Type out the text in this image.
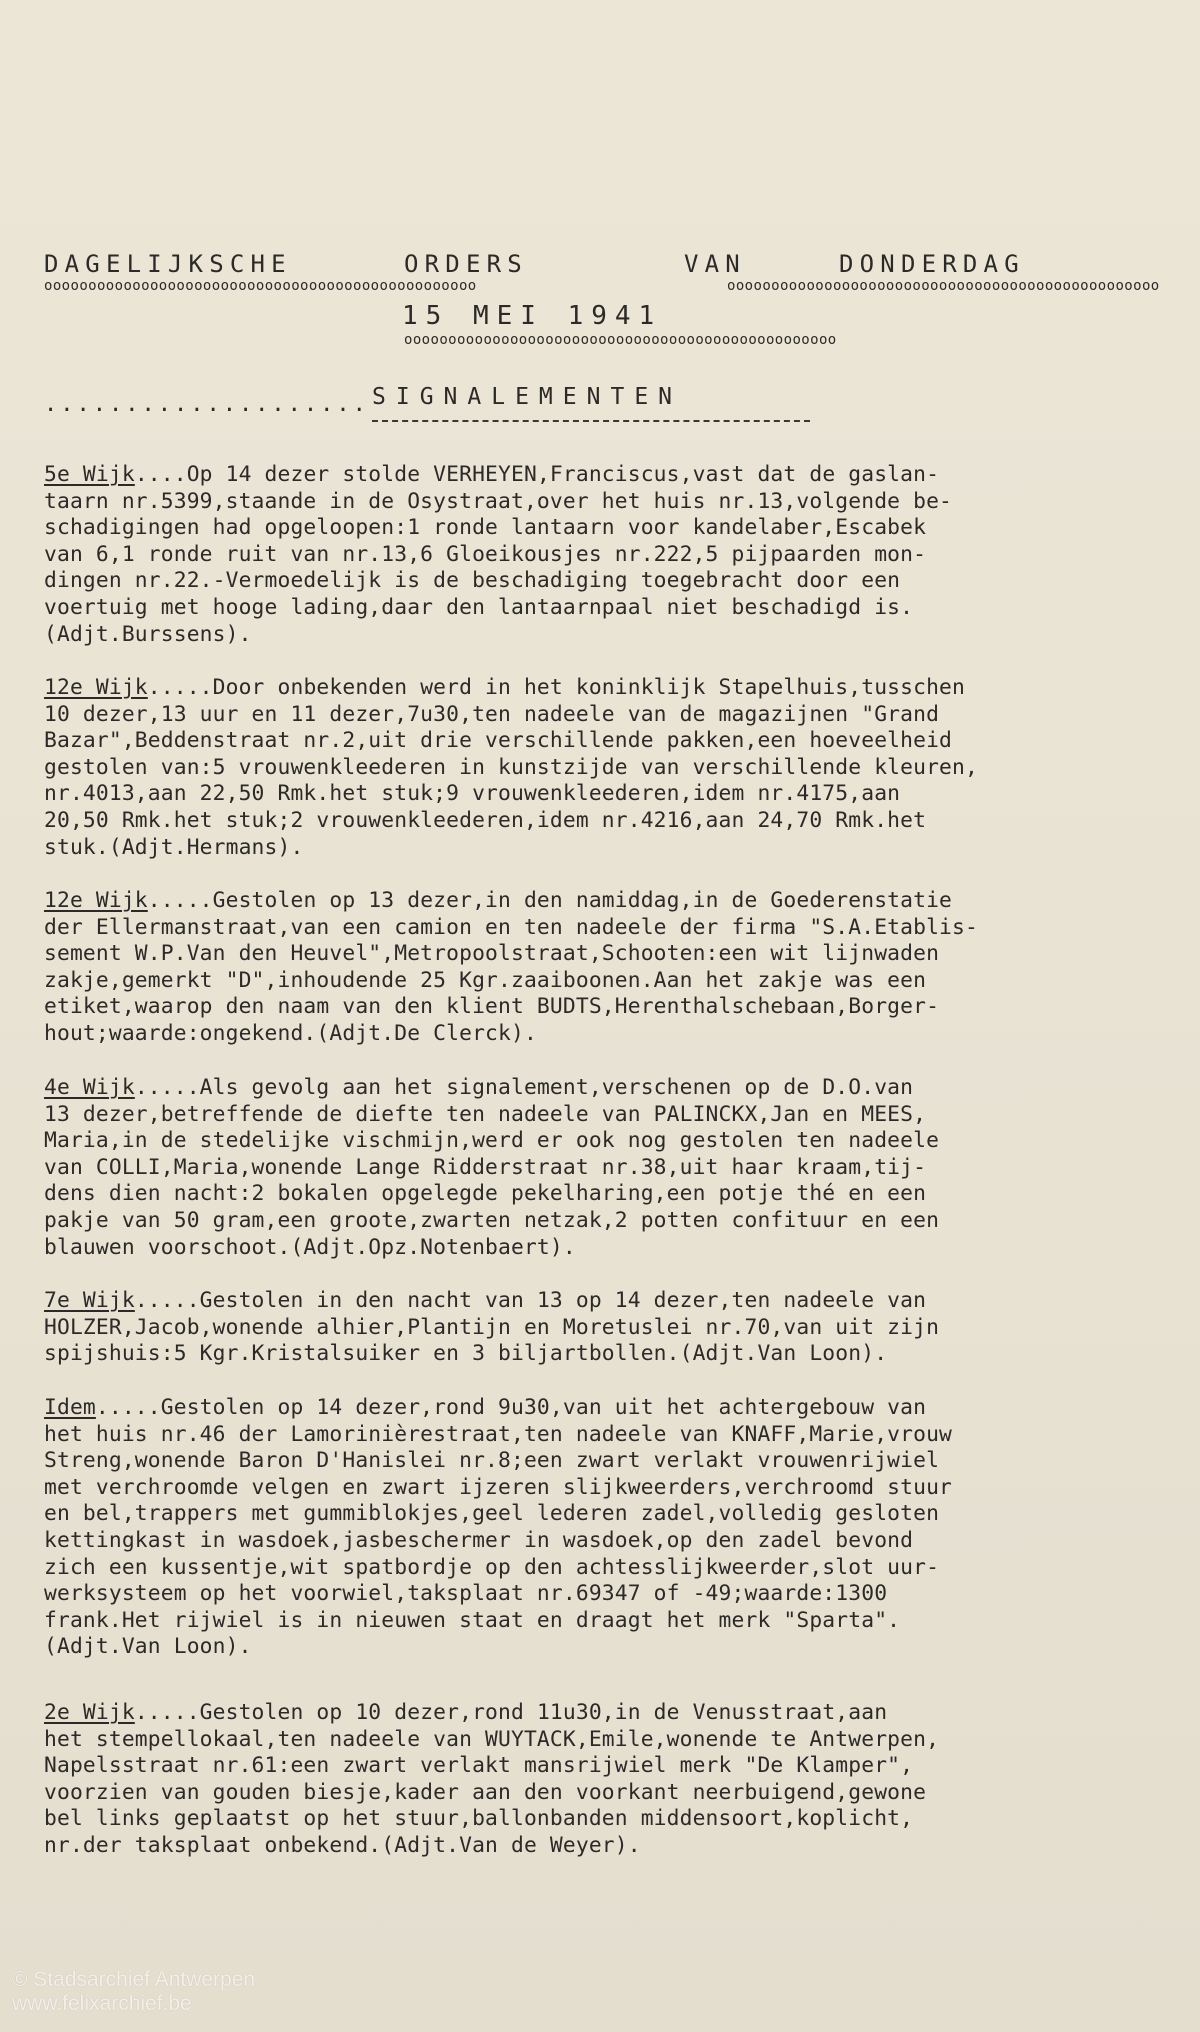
DAGELIJKSCHE	ORDERS	VAN	DONDERDAG
ooooooooooooooooooooooooooooooooooooooooooooooooo	ooooooooooooooooooooooooooooooooooooooooooooooooo
15 MEI 1941
ooooooooooooooooooooooooooooooooooooooooooooooooo
.................... SIGNALEMENTEN

5e Wijk....Op 14 dezer stolde VERHEYEN,Franciscus,vast dat de gaslan-

taarn nr.5399,staande in de Osystraat,over het huis nr.13,volgende be-

schadigingen had opgeloopen:1 ronde lantaarn voor kandelaber,Escabek

van 6,1 ronde ruit van nr.13,6 Gloeikousjes nr.222,5 pijpaarden mon-

dingen nr.22.-Vermoedelijk is de beschadiging toegebracht door een

voertuig met hooge lading,daar den lantaarnpaal niet beschadigd is.

(Adjt.Burssens).

12e Wijk.....Door onbekenden werd in het koninklijk Stapelhuis,tusschen

10 dezer,13 uur en 11 dezer,7u30,ten nadeele van de magazijnen "Grand

Bazar",Beddenstraat nr.2,uit drie verschillende pakken,een hoeveelheid

gestolen van:5 vrouwenkleederen in kunstzijde van verschillende kleuren,

nr.4013,aan 22,50 Rmk.het stuk;9 vrouwenkleederen,idem nr.4175,aan

20,50 Rmk.het stuk;2 vrouwenkleederen,idem nr.4216,aan 24,70 Rmk.het

stuk.(Adjt.Hermans).

12e Wijk.....Gestolen op 13 dezer,in den namiddag,in de Goederenstatie

der Ellermanstraat,van een camion en ten nadeele der firma "S.A.Etablis-

sement W.P.Van den Heuvel",Metropoolstraat,Schooten:een wit lijnwaden

zakje,gemerkt "D",inhoudende 25 Kgr.zaaiboonen.Aan het zakje was een

etiket,waarop den naam van den klient BUDTS,Herenthalschebaan,Borger-

hout;waarde:ongekend.(Adjt.De Clerck).

4e Wijk.....Als gevolg aan het signalement,verschenen op de D.O.van

13 dezer,betreffende de diefte ten nadeele van PALINCKX,Jan en MEES,

Maria,in de stedelijke vischmijn,werd er ook nog gestolen ten nadeele

van COLLI,Maria,wonende Lange Ridderstraat nr.38,uit haar kraam,tij-

dens dien nacht:2 bokalen opgelegde pekelharing,een potje thé en een

pakje van 50 gram,een groote,zwarten netzak,2 potten confituur en een

blauwen voorschoot.(Adjt.Opz.Notenbaert).

7e Wijk.....Gestolen in den nacht van 13 op 14 dezer,ten nadeele van

HOLZER,Jacob,wonende alhier,Plantijn en Moretuslei nr.70,van uit zijn

spijshuis:5 Kgr.Kristalsuiker en 3 biljartbollen.(Adjt.Van Loon).

Idem.....Gestolen op 14 dezer,rond 9u30,van uit het achtergebouw van

het huis nr.46 der Lamorinièrestraat,ten nadeele van KNAFF,Marie,vrouw

Streng,wonende Baron D'Hanislei nr.8;een zwart verlakt vrouwenrijwiel

met verchroomde velgen en zwart ijzeren slijkweerders,verchroomd stuur

en bel,trappers met gummiblokjes,geel lederen zadel,volledig gesloten

kettingkast in wasdoek,jasbeschermer in wasdoek,op den zadel bevond

zich een kussentje,wit spatbordje op den achtesslijkweerder,slot uur-

werksysteem op het voorwiel,taksplaat nr.69347 of -49;waarde:1300

frank.Het rijwiel is in nieuwen staat en draagt het merk "Sparta".

(Adjt.Van Loon).

2e Wijk.....Gestolen op 10 dezer,rond 11u30,in de Venusstraat,aan

het stempellokaal,ten nadeele van WUYTACK,Emile,wonende te Antwerpen,

Napelsstraat nr.61:een zwart verlakt mansrijwiel merk "De Klamper",

voorzien van gouden biesje,kader aan den voorkant neerbuigend,gewone

bel links geplaatst op het stuur,ballonbanden middensoort,koplicht,

nr.der taksplaat onbekend.(Adjt.Van de Weyer).

© Stadsarchief Antwerpen
www.felixarchief.be
